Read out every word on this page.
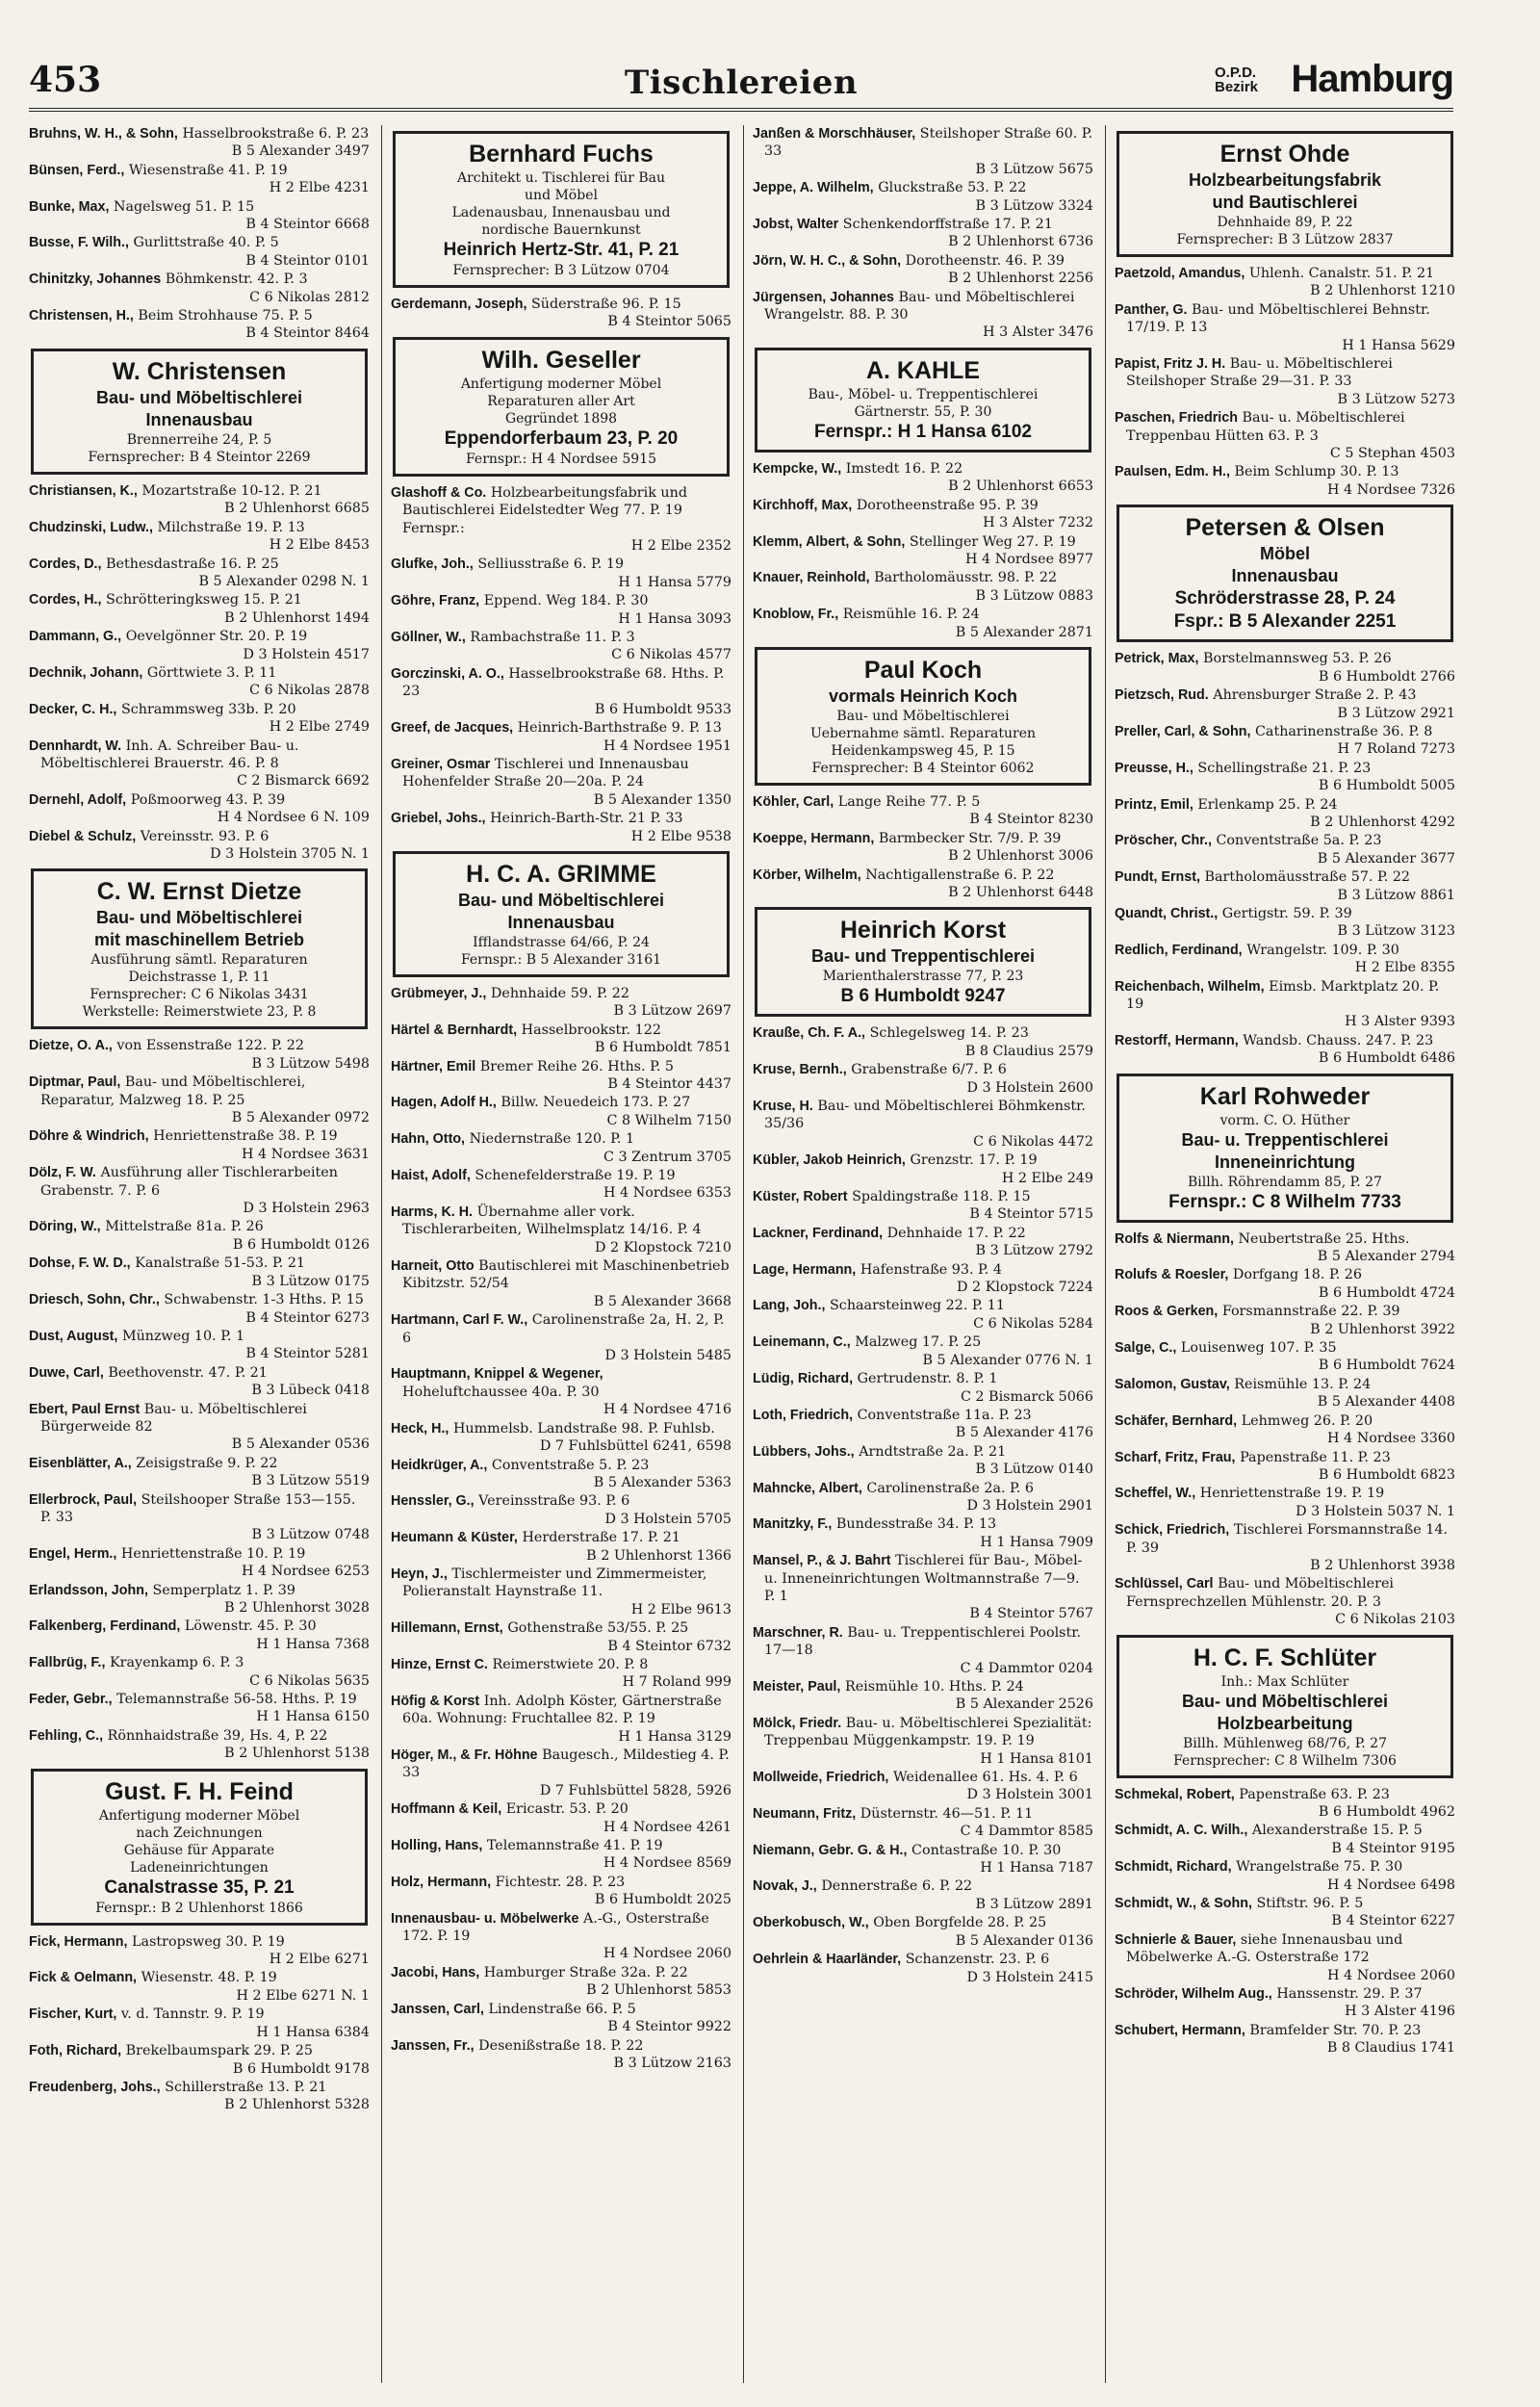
453	Tischlereien	O.P.D.
Bezirk Hamburg
Bruhns, W. H., & Sohn, Hasselbrookstraße 6. P. 23
B 5 Alexander 3497
Bünsen, Ferd., Wiesenstraße 41. P. 19
H 2 Elbe 4231
Bunke, Max, Nagelsweg 51. P. 15
B 4 Steintor 6668
Busse, F. Wilh., Gurlittstraße 40. P. 5
B 4 Steintor 0101
Chinitzky, Johannes Böhmkenstr. 42. P. 3
C 6 Nikolas 2812
Christensen, H., Beim Strohhause 75. P. 5
B 4 Steintor 8464
W. Christensen
Bau- und Möbeltischlerei
Innenausbau
Brennerreihe 24, P. 5
Fernsprecher: B 4 Steintor 2269
Christiansen, K., Mozartstraße 10-12. P. 21
B 2 Uhlenhorst 6685
Chudzinski, Ludw., Milchstraße 19. P. 13
H 2 Elbe 8453
Cordes, D., Bethesdastraße 16. P. 25
B 5 Alexander 0298 N. 1
Cordes, H., Schrötteringksweg 15. P. 21
B 2 Uhlenhorst 1494
Dammann, G., Oevelgönner Str. 20. P. 19
D 3 Holstein 4517
Dechnik, Johann, Görttwiete 3. P. 11
C 6 Nikolas 2878
Decker, C. H., Schrammsweg 33b. P. 20
H 2 Elbe 2749
Dennhardt, W. Inh. A. Schreiber Bau- u. Möbeltischlerei Brauerstr. 46. P. 8
C 2 Bismarck 6692
Dernehl, Adolf, Poßmoorweg 43. P. 39
H 4 Nordsee 6 N. 109
Diebel & Schulz, Vereinsstr. 93. P. 6
D 3 Holstein 3705 N. 1
C. W. Ernst Dietze
Bau- und Möbeltischlerei
mit maschinellem Betrieb
Ausführung sämtl. Reparaturen
Deichstrasse 1, P. 11
Fernsprecher: C 6 Nikolas 3431
Werkstelle: Reimerstwiete 23, P. 8
Dietze, O. A., von Essenstraße 122. P. 22
B 3 Lützow 5498
Diptmar, Paul, Bau- und Möbeltischlerei, Reparatur, Malzweg 18. P. 25
B 5 Alexander 0972
Döhre & Windrich, Henriettenstraße 38. P. 19
H 4 Nordsee 3631
Dölz, F. W. Ausführung aller Tischlerarbeiten Grabenstr. 7. P. 6
D 3 Holstein 2963
Döring, W., Mittelstraße 81a. P. 26
B 6 Humboldt 0126
Dohse, F. W. D., Kanalstraße 51-53. P. 21
B 3 Lützow 0175
Driesch, Sohn, Chr., Schwabenstr. 1-3 Hths. P. 15
B 4 Steintor 6273
Dust, August, Münzweg 10. P. 1
B 4 Steintor 5281
Duwe, Carl, Beethovenstr. 47. P. 21
B 3 Lübeck 0418
Ebert, Paul Ernst Bau- u. Möbeltischlerei Bürgerweide 82
B 5 Alexander 0536
Eisenblätter, A., Zeisigstraße 9. P. 22
B 3 Lützow 5519
Ellerbrock, Paul, Steilshooper Straße 153—155. P. 33
B 3 Lützow 0748
Engel, Herm., Henriettenstraße 10. P. 19
H 4 Nordsee 6253
Erlandsson, John, Semperplatz 1. P. 39
B 2 Uhlenhorst 3028
Falkenberg, Ferdinand, Löwenstr. 45. P. 30
H 1 Hansa 7368
Fallbrüg, F., Krayenkamp 6. P. 3
C 6 Nikolas 5635
Feder, Gebr., Telemannstraße 56-58. Hths. P. 19
H 1 Hansa 6150
Fehling, C., Rönnhaidstraße 39, Hs. 4, P. 22
B 2 Uhlenhorst 5138
Gust. F. H. Feind
Anfertigung moderner Möbel
nach Zeichnungen
Gehäuse für Apparate
Ladeneinrichtungen
Canalstrasse 35, P. 21
Fernspr.: B 2 Uhlenhorst 1866
Fick, Hermann, Lastropsweg 30. P. 19
H 2 Elbe 6271
Fick & Oelmann, Wiesenstr. 48. P. 19
H 2 Elbe 6271 N. 1
Fischer, Kurt, v. d. Tannstr. 9. P. 19
H 1 Hansa 6384
Foth, Richard, Brekelbaumspark 29. P. 25
B 6 Humboldt 9178
Freudenberg, Johs., Schillerstraße 13. P. 21
B 2 Uhlenhorst 5328
Bernhard Fuchs
Architekt u. Tischlerei für Bau
und Möbel
Ladenausbau, Innenausbau und
nordische Bauernkunst
Heinrich Hertz-Str. 41, P. 21
Fernsprecher: B 3 Lützow 0704
Gerdemann, Joseph, Süderstraße 96. P. 15
B 4 Steintor 5065
Wilh. Geseller
Anfertigung moderner Möbel
Reparaturen aller Art
Gegründet 1898
Eppendorferbaum 23, P. 20
Fernspr.: H 4 Nordsee 5915
Glashoff & Co. Holzbearbeitungsfabrik und Bautischlerei Eidelstedter Weg 77. P. 19 Fernspr.:
H 2 Elbe 2352
Glufke, Joh., Selliusstraße 6. P. 19
H 1 Hansa 5779
Göhre, Franz, Eppend. Weg 184. P. 30
H 1 Hansa 3093
Göllner, W., Rambachstraße 11. P. 3
C 6 Nikolas 4577
Gorczinski, A. O., Hasselbrookstraße 68. Hths. P. 23
B 6 Humboldt 9533
Greef, de Jacques, Heinrich-Barthstraße 9. P. 13
H 4 Nordsee 1951
Greiner, Osmar Tischlerei und Innenausbau Hohenfelder Straße 20—20a. P. 24
B 5 Alexander 1350
Griebel, Johs., Heinrich-Barth-Str. 21 P. 33
H 2 Elbe 9538
H. C. A. GRIMME
Bau- und Möbeltischlerei
Innenausbau
Ifflandstrasse 64/66, P. 24
Fernspr.: B 5 Alexander 3161
Grübmeyer, J., Dehnhaide 59. P. 22
B 3 Lützow 2697
Härtel & Bernhardt, Hasselbrookstr. 122
B 6 Humboldt 7851
Härtner, Emil Bremer Reihe 26. Hths. P. 5
B 4 Steintor 4437
Hagen, Adolf H., Billw. Neuedeich 173. P. 27
C 8 Wilhelm 7150
Hahn, Otto, Niedernstraße 120. P. 1
C 3 Zentrum 3705
Haist, Adolf, Schenefelderstraße 19. P. 19
H 4 Nordsee 6353
Harms, K. H. Übernahme aller vork. Tischlerarbeiten, Wilhelmsplatz 14/16. P. 4
D 2 Klopstock 7210
Harneit, Otto Bautischlerei mit Maschinenbetrieb Kibitzstr. 52/54
B 5 Alexander 3668
Hartmann, Carl F. W., Carolinenstraße 2a, H. 2, P. 6
D 3 Holstein 5485
Hauptmann, Knippel & Wegener, Hoheluftchaussee 40a. P. 30
H 4 Nordsee 4716
Heck, H., Hummelsb. Landstraße 98. P. Fuhlsb.
D 7 Fuhlsbüttel 6241, 6598
Heidkrüger, A., Conventstraße 5. P. 23
B 5 Alexander 5363
Henssler, G., Vereinsstraße 93. P. 6
D 3 Holstein 5705
Heumann & Küster, Herderstraße 17. P. 21
B 2 Uhlenhorst 1366
Heyn, J., Tischlermeister und Zimmermeister, Polieranstalt Haynstraße 11.
H 2 Elbe 9613
Hillemann, Ernst, Gothenstraße 53/55. P. 25
B 4 Steintor 6732
Hinze, Ernst C. Reimerstwiete 20. P. 8
H 7 Roland 999
Höfig & Korst Inh. Adolph Köster, Gärtnerstraße 60a. Wohnung: Fruchtallee 82. P. 19
H 1 Hansa 3129
Höger, M., & Fr. Höhne Baugesch., Mildestieg 4. P. 33
D 7 Fuhlsbüttel 5828, 5926
Hoffmann & Keil, Ericastr. 53. P. 20
H 4 Nordsee 4261
Holling, Hans, Telemannstraße 41. P. 19
H 4 Nordsee 8569
Holz, Hermann, Fichtestr. 28. P. 23
B 6 Humboldt 2025
Innenausbau- u. Möbelwerke A.-G., Osterstraße 172. P. 19
H 4 Nordsee 2060
Jacobi, Hans, Hamburger Straße 32a. P. 22
B 2 Uhlenhorst 5853
Janssen, Carl, Lindenstraße 66. P. 5
B 4 Steintor 9922
Janssen, Fr., Desenißstraße 18. P. 22
B 3 Lützow 2163
Janßen & Morschhäuser, Steilshoper Straße 60. P. 33
B 3 Lützow 5675
Jeppe, A. Wilhelm, Gluckstraße 53. P. 22
B 3 Lützow 3324
Jobst, Walter Schenkendorffstraße 17. P. 21
B 2 Uhlenhorst 6736
Jörn, W. H. C., & Sohn, Dorotheenstr. 46. P. 39
B 2 Uhlenhorst 2256
Jürgensen, Johannes Bau- und Möbeltischlerei Wrangelstr. 88. P. 30
H 3 Alster 3476
A. KAHLE
Bau-, Möbel- u. Treppentischlerei
Gärtnerstr. 55, P. 30
Fernspr.: H 1 Hansa 6102
Kempcke, W., Imstedt 16. P. 22
B 2 Uhlenhorst 6653
Kirchhoff, Max, Dorotheenstraße 95. P. 39
H 3 Alster 7232
Klemm, Albert, & Sohn, Stellinger Weg 27. P. 19
H 4 Nordsee 8977
Knauer, Reinhold, Bartholomäusstr. 98. P. 22
B 3 Lützow 0883
Knoblow, Fr., Reismühle 16. P. 24
B 5 Alexander 2871
Paul Koch
vormals Heinrich Koch
Bau- und Möbeltischlerei
Uebernahme sämtl. Reparaturen
Heidenkampsweg 45, P. 15
Fernsprecher: B 4 Steintor 6062
Köhler, Carl, Lange Reihe 77. P. 5
B 4 Steintor 8230
Koeppe, Hermann, Barmbecker Str. 7/9. P. 39
B 2 Uhlenhorst 3006
Körber, Wilhelm, Nachtigallenstraße 6. P. 22
B 2 Uhlenhorst 6448
Heinrich Korst
Bau- und Treppentischlerei
Marienthalerstrasse 77, P. 23
B 6 Humboldt 9247
Krauße, Ch. F. A., Schlegelsweg 14. P. 23
B 8 Claudius 2579
Kruse, Bernh., Grabenstraße 6/7. P. 6
D 3 Holstein 2600
Kruse, H. Bau- und Möbeltischlerei Böhmkenstr. 35/36
C 6 Nikolas 4472
Kübler, Jakob Heinrich, Grenzstr. 17. P. 19
H 2 Elbe 249
Küster, Robert Spaldingstraße 118. P. 15
B 4 Steintor 5715
Lackner, Ferdinand, Dehnhaide 17. P. 22
B 3 Lützow 2792
Lage, Hermann, Hafenstraße 93. P. 4
D 2 Klopstock 7224
Lang, Joh., Schaarsteinweg 22. P. 11
C 6 Nikolas 5284
Leinemann, C., Malzweg 17. P. 25
B 5 Alexander 0776 N. 1
Lüdig, Richard, Gertrudenstr. 8. P. 1
C 2 Bismarck 5066
Loth, Friedrich, Conventstraße 11a. P. 23
B 5 Alexander 4176
Lübbers, Johs., Arndtstraße 2a. P. 21
B 3 Lützow 0140
Mahncke, Albert, Carolinenstraße 2a. P. 6
D 3 Holstein 2901
Manitzky, F., Bundesstraße 34. P. 13
H 1 Hansa 7909
Mansel, P., & J. Bahrt Tischlerei für Bau-, Möbel- u. Inneneinrichtungen Woltmannstraße 7—9. P. 1
B 4 Steintor 5767
Marschner, R. Bau- u. Treppentischlerei Poolstr. 17—18
C 4 Dammtor 0204
Meister, Paul, Reismühle 10. Hths. P. 24
B 5 Alexander 2526
Mölck, Friedr. Bau- u. Möbeltischlerei Spezialität: Treppenbau Müggenkampstr. 19. P. 19
H 1 Hansa 8101
Mollweide, Friedrich, Weidenallee 61. Hs. 4. P. 6
D 3 Holstein 3001
Neumann, Fritz, Düsternstr. 46—51. P. 11
C 4 Dammtor 8585
Niemann, Gebr. G. & H., Contastraße 10. P. 30
H 1 Hansa 7187
Novak, J., Dennerstraße 6. P. 22
B 3 Lützow 2891
Oberkobusch, W., Oben Borgfelde 28. P. 25
B 5 Alexander 0136
Oehrlein & Haarländer, Schanzenstr. 23. P. 6
D 3 Holstein 2415
Ernst Ohde
Holzbearbeitungsfabrik
und Bautischlerei
Dehnhaide 89, P. 22
Fernsprecher: B 3 Lützow 2837
Paetzold, Amandus, Uhlenh. Canalstr. 51. P. 21
B 2 Uhlenhorst 1210
Panther, G. Bau- und Möbeltischlerei Behnstr. 17/19. P. 13
H 1 Hansa 5629
Papist, Fritz J. H. Bau- u. Möbeltischlerei Steilshoper Straße 29—31. P. 33
B 3 Lützow 5273
Paschen, Friedrich Bau- u. Möbeltischlerei Treppenbau Hütten 63. P. 3
C 5 Stephan 4503
Paulsen, Edm. H., Beim Schlump 30. P. 13
H 4 Nordsee 7326
Petersen & Olsen
Möbel
Innenausbau
Schröderstrasse 28, P. 24
Fspr.: B 5 Alexander 2251
Petrick, Max, Borstelmannsweg 53. P. 26
B 6 Humboldt 2766
Pietzsch, Rud. Ahrensburger Straße 2. P. 43
B 3 Lützow 2921
Preller, Carl, & Sohn, Catharinenstraße 36. P. 8
H 7 Roland 7273
Preusse, H., Schellingstraße 21. P. 23
B 6 Humboldt 5005
Printz, Emil, Erlenkamp 25. P. 24
B 2 Uhlenhorst 4292
Pröscher, Chr., Conventstraße 5a. P. 23
B 5 Alexander 3677
Pundt, Ernst, Bartholomäusstraße 57. P. 22
B 3 Lützow 8861
Quandt, Christ., Gertigstr. 59. P. 39
B 3 Lützow 3123
Redlich, Ferdinand, Wrangelstr. 109. P. 30
H 2 Elbe 8355
Reichenbach, Wilhelm, Eimsb. Marktplatz 20. P. 19
H 3 Alster 9393
Restorff, Hermann, Wandsb. Chauss. 247. P. 23
B 6 Humboldt 6486
Karl Rohweder
vorm. C. O. Hüther
Bau- u. Treppentischlerei
Inneneinrichtung
Billh. Röhrendamm 85, P. 27
Fernspr.: C 8 Wilhelm 7733
Rolfs & Niermann, Neubertstraße 25. Hths.
B 5 Alexander 2794
Rolufs & Roesler, Dorfgang 18. P. 26
B 6 Humboldt 4724
Roos & Gerken, Forsmannstraße 22. P. 39
B 2 Uhlenhorst 3922
Salge, C., Louisenweg 107. P. 35
B 6 Humboldt 7624
Salomon, Gustav, Reismühle 13. P. 24
B 5 Alexander 4408
Schäfer, Bernhard, Lehmweg 26. P. 20
H 4 Nordsee 3360
Scharf, Fritz, Frau, Papenstraße 11. P. 23
B 6 Humboldt 6823
Scheffel, W., Henriettenstraße 19. P. 19
D 3 Holstein 5037 N. 1
Schick, Friedrich, Tischlerei Forsmannstraße 14. P. 39
B 2 Uhlenhorst 3938
Schlüssel, Carl Bau- und Möbeltischlerei Fernsprechzellen Mühlenstr. 20. P. 3
C 6 Nikolas 2103
H. C. F. Schlüter
Inh.: Max Schlüter
Bau- und Möbeltischlerei
Holzbearbeitung
Billh. Mühlenweg 68/76, P. 27
Fernsprecher: C 8 Wilhelm 7306
Schmekal, Robert, Papenstraße 63. P. 23
B 6 Humboldt 4962
Schmidt, A. C. Wilh., Alexanderstraße 15. P. 5
B 4 Steintor 9195
Schmidt, Richard, Wrangelstraße 75. P. 30
H 4 Nordsee 6498
Schmidt, W., & Sohn, Stiftstr. 96. P. 5
B 4 Steintor 6227
Schnierle & Bauer, siehe Innenausbau und Möbelwerke A.-G. Osterstraße 172
H 4 Nordsee 2060
Schröder, Wilhelm Aug., Hanssenstr. 29. P. 37
H 3 Alster 4196
Schubert, Hermann, Bramfelder Str. 70. P. 23
B 8 Claudius 1741
